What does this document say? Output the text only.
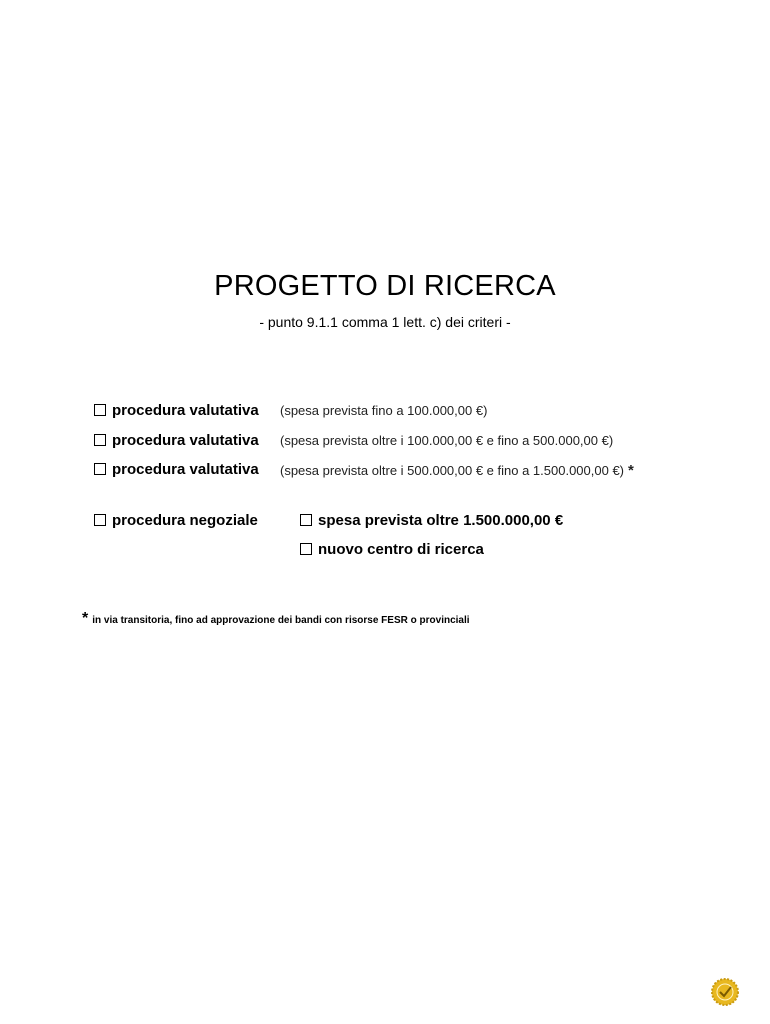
PROGETTO DI RICERCA
- punto 9.1.1 comma 1 lett. c) dei criteri -
procedura valutativa (spesa prevista fino a 100.000,00 €)
procedura valutativa (spesa prevista oltre i 100.000,00 € e fino a 500.000,00 €)
procedura valutativa (spesa prevista oltre i 500.000,00 € e fino a 1.500.000,00 €) *
procedura negoziale	spesa prevista oltre 1.500.000,00 €
nuovo centro di ricerca
* in via transitoria, fino ad approvazione dei bandi con risorse FESR o provinciali
